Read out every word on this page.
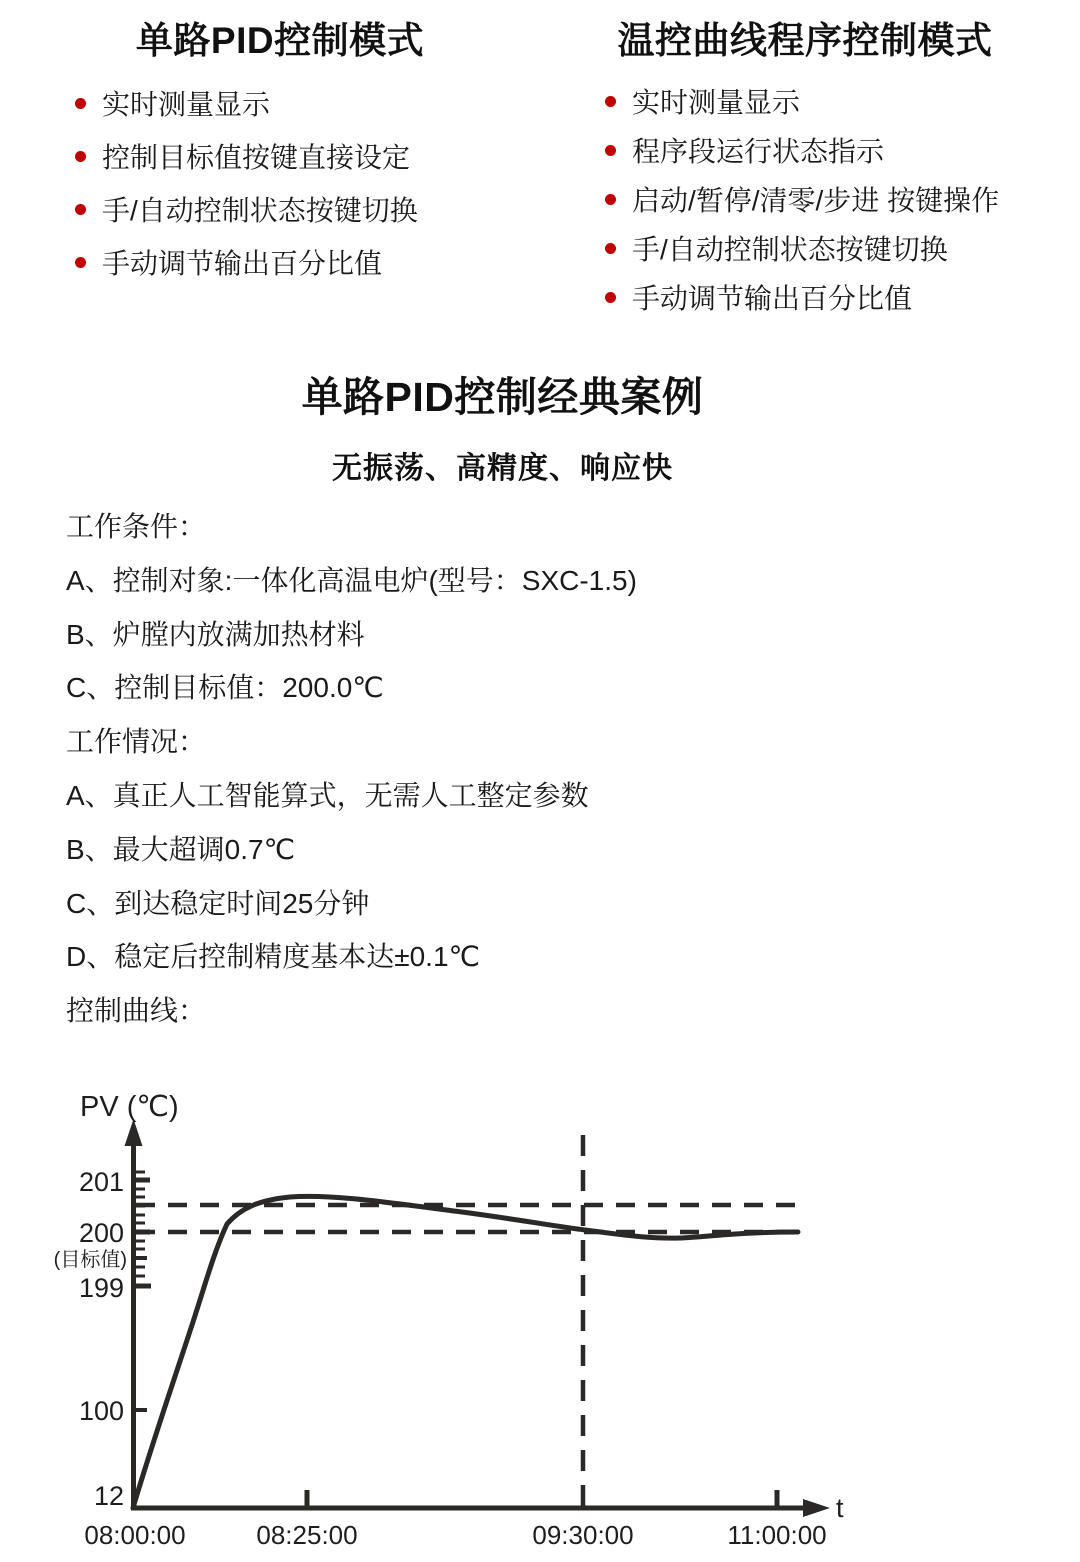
单路PID控制模式
实时测量显示
控制目标值按键直接设定
手/自动控制状态按键切换
手动调节输出百分比值
温控曲线程序控制模式
实时测量显示
程序段运行状态指示
启动/暂停/清零/步进 按键操作
手/自动控制状态按键切换
手动调节输出百分比值
单路PID控制经典案例
无振荡、高精度、响应快
工作条件：
A、控制对象:一体化高温电炉(型号：SXC-1.5)
B、炉膛内放满加热材料
C、控制目标值：200.0℃
工作情况：
A、真正人工智能算式，无需人工整定参数
B、最大超调0.7℃
C、到达稳定时间25分钟
D、稳定后控制精度基本达±0.1℃
控制曲线：
PV (℃)
t
201
200
(目标值)
199
100
12
08:00:00	08:25:00	09:30:00	11:00:00
